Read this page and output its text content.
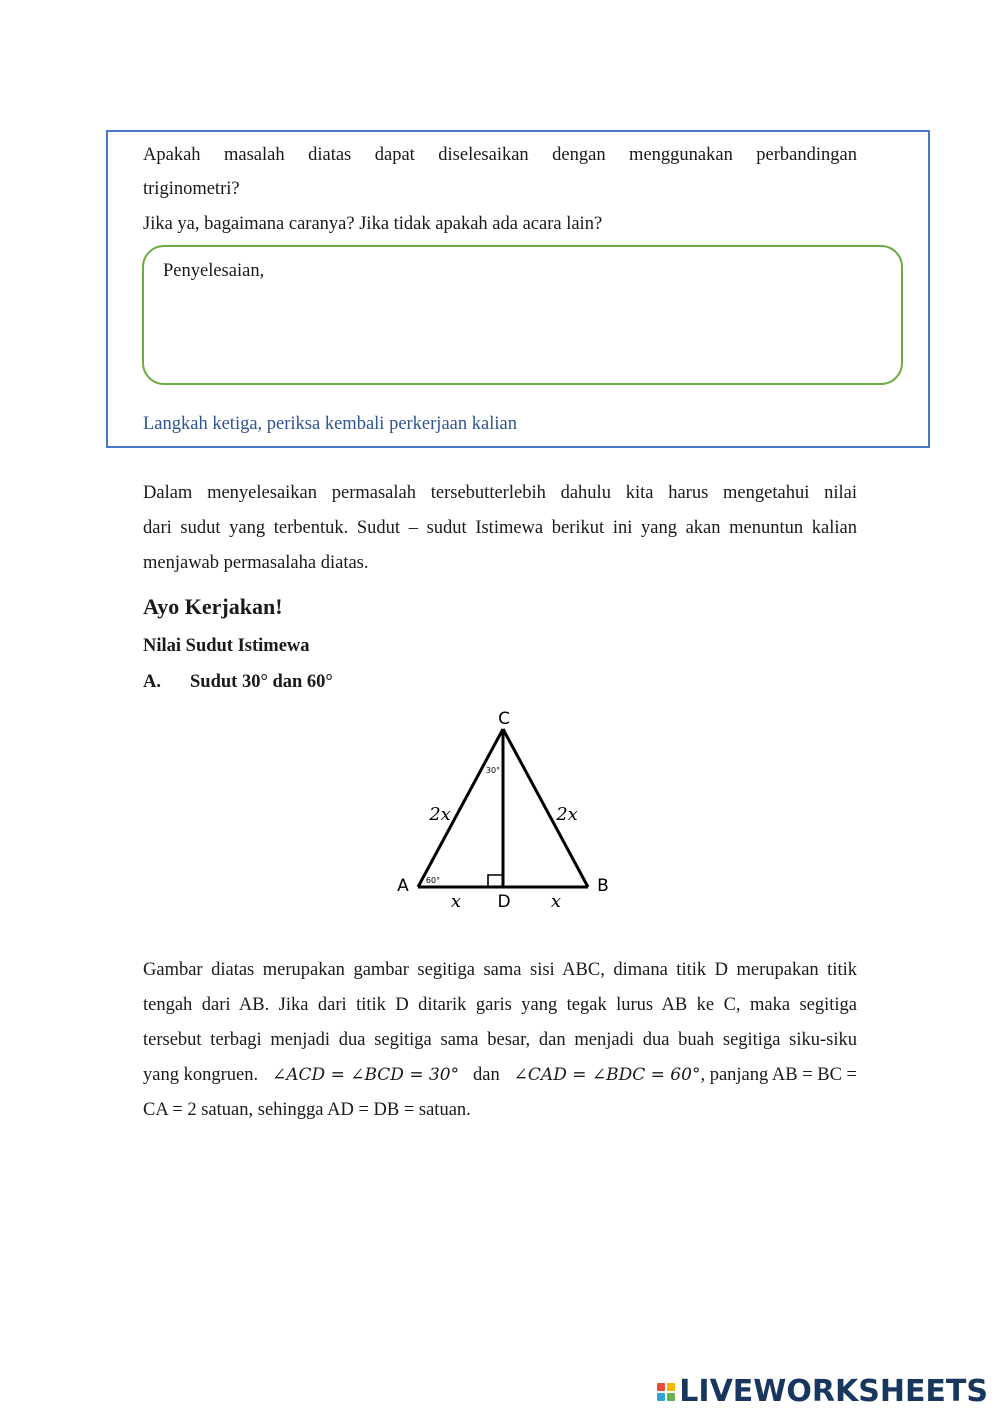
Apakah masalah diatas dapat diselesaikan dengan menggunakan perbandingan
triginometri?
Jika ya, bagaimana caranya? Jika tidak apakah ada acara lain?
Penyelesaian,
Langkah ketiga, periksa kembali perkerjaan kalian
Dalam menyelesaikan permasalah tersebutterlebih dahulu kita harus mengetahui nilai
dari sudut yang terbentuk. Sudut – sudut Istimewa berikut ini yang akan menuntun kalian
menjawab permasalaha diatas.
Ayo Kerjakan!
Nilai Sudut Istimewa
A. Sudut 30° dan 60°
C
A	B
D
2x	2x
x	x
30°
60°
Gambar diatas merupakan gambar segitiga sama sisi ABC, dimana titik D merupakan titik
tengah dari AB. Jika dari titik D ditarik garis yang tegak lurus AB ke C, maka segitiga
tersebut terbagi menjadi dua segitiga sama besar, dan menjadi dua buah segitiga siku-siku
yang kongruen. ∠ACD = ∠BCD = 30° dan ∠CAD = ∠BDC = 60°, panjang AB = BC =
CA = 2 satuan, sehingga AD = DB = satuan.
LIVEWORKSHEETS
